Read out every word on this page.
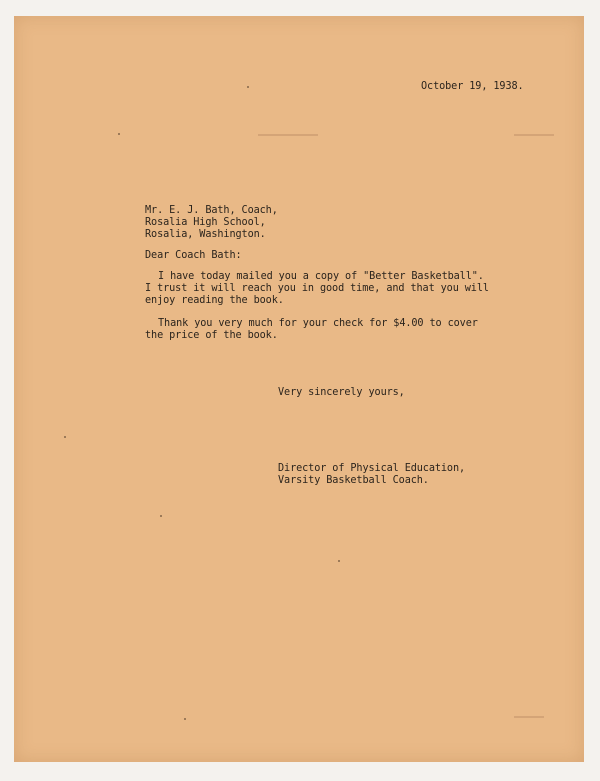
October 19, 1938.
Mr. E. J. Bath, Coach,
Rosalia High School,
Rosalia, Washington.
Dear Coach Bath:
I have today mailed you a copy of "Better Basketball".
I trust it will reach you in good time, and that you will
enjoy reading the book.
Thank you very much for your check for $4.00 to cover
the price of the book.
Very sincerely yours,
Director of Physical Education,
Varsity Basketball Coach.
